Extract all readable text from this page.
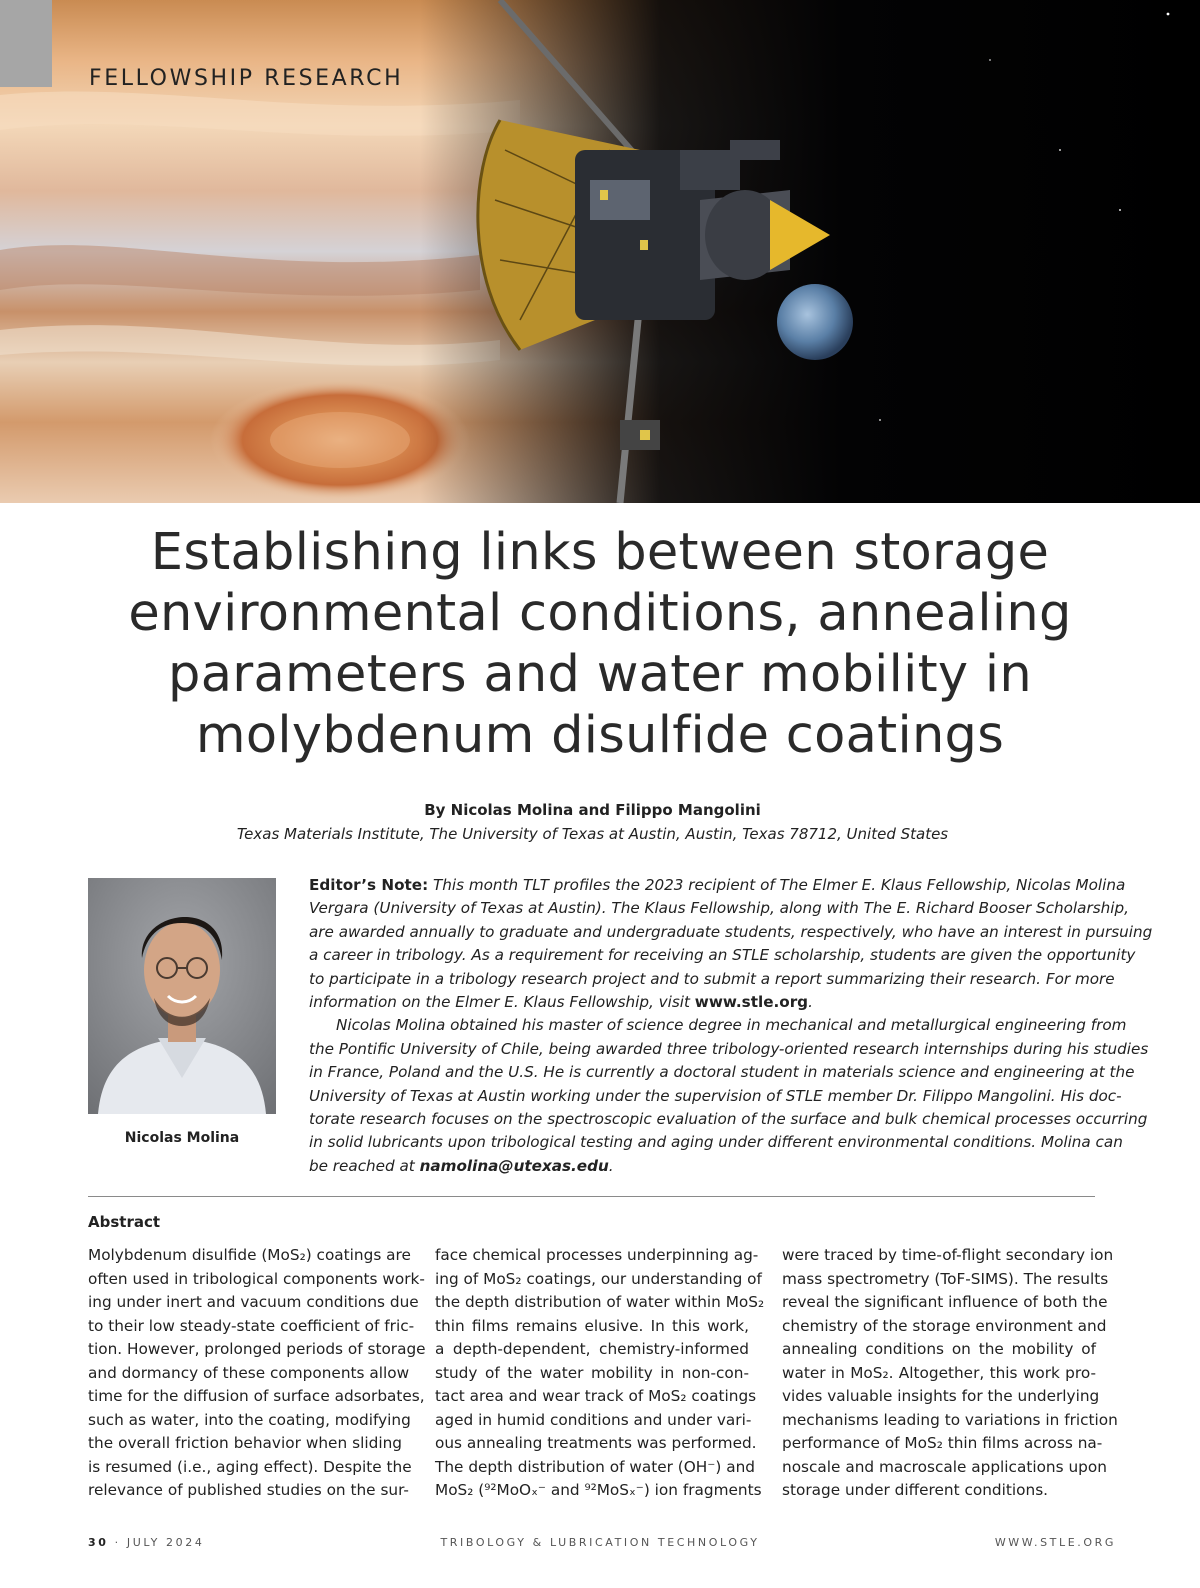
FELLOWSHIP RESEARCH
Establishing links between storage
environmental conditions, annealing
parameters and water mobility in
molybdenum disulfide coatings
By Nicolas Molina and Filippo Mangolini
Texas Materials Institute, The University of Texas at Austin, Austin, Texas 78712, United States
Nicolas Molina
Editor’s Note: This month TLT profiles the 2023 recipient of The Elmer E. Klaus Fellowship, Nicolas Molina
Vergara (University of Texas at Austin). The Klaus Fellowship, along with The E. Richard Booser Scholarship,
are awarded annually to graduate and undergraduate students, respectively, who have an interest in pursuing
a career in tribology. As a requirement for receiving an STLE scholarship, students are given the opportunity
to participate in a tribology research project and to submit a report summarizing their research. For more
information on the Elmer E. Klaus Fellowship, visit www.stle.org.
Nicolas Molina obtained his master of science degree in mechanical and metallurgical engineering from
the Pontific University of Chile, being awarded three tribology-oriented research internships during his studies
in France, Poland and the U.S. He is currently a doctoral student in materials science and engineering at the
University of Texas at Austin working under the supervision of STLE member Dr. Filippo Mangolini. His doc-
torate research focuses on the spectroscopic evaluation of the surface and bulk chemical processes occurring
in solid lubricants upon tribological testing and aging under different environmental conditions. Molina can
be reached at namolina@utexas.edu.
Abstract
Molybdenum disulfide (MoS₂) coatings are
often used in tribological components work-
ing under inert and vacuum conditions due
to their low steady-state coefficient of fric-
tion. However, prolonged periods of storage
and dormancy of these components allow
time for the diffusion of surface adsorbates,
such as water, into the coating, modifying
the overall friction behavior when sliding
is resumed (i.e., aging effect). Despite the
relevance of published studies on the sur-
face chemical processes underpinning ag-
ing of MoS₂ coatings, our understanding of
the depth distribution of water within MoS₂
thin films remains elusive. In this work,
a depth-dependent, chemistry-informed
study of the water mobility in non-con-
tact area and wear track of MoS₂ coatings
aged in humid conditions and under vari-
ous annealing treatments was performed.
The depth distribution of water (OH⁻) and
MoS₂ (⁹²MoOₓ⁻ and ⁹²MoSₓ⁻) ion fragments
were traced by time-of-flight secondary ion
mass spectrometry (ToF-SIMS). The results
reveal the significant influence of both the
chemistry of the storage environment and
annealing conditions on the mobility of
water in MoS₂. Altogether, this work pro-
vides valuable insights for the underlying
mechanisms leading to variations in friction
performance of MoS₂ thin films across na-
noscale and macroscale applications upon
storage under different conditions.
30 · JULY 2024	TRIBOLOGY & LUBRICATION TECHNOLOGY	WWW.STLE.ORG
